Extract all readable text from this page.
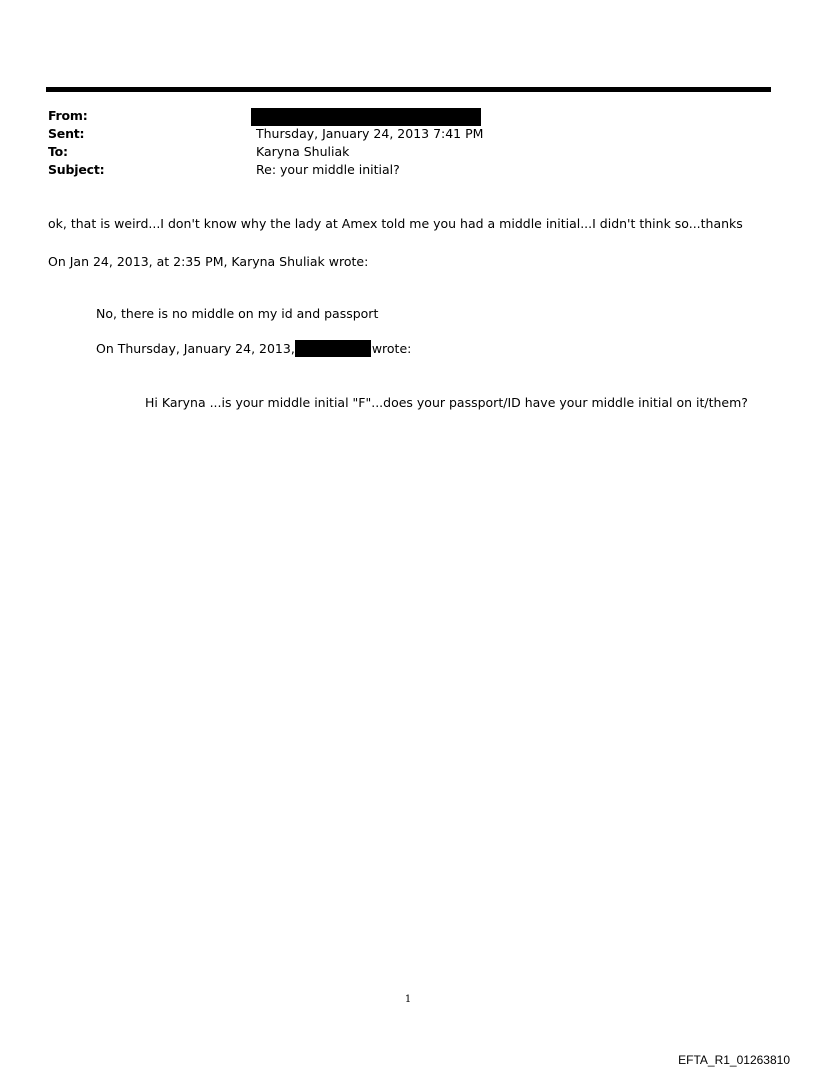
From:
Sent:	Thursday, January 24, 2013 7:41 PM
To:	Karyna Shuliak
Subject:	Re: your middle initial?
ok, that is weird...I don't know why the lady at Amex told me you had a middle initial...I didn't think so...thanks
On Jan 24, 2013, at 2:35 PM, Karyna Shuliak wrote:
No, there is no middle on my id and passport
On Thursday, January 24, 2013,	wrote:
Hi Karyna ...is your middle initial "F"...does your passport/ID have your middle initial on it/them?
1
EFTA_R1_01263810
